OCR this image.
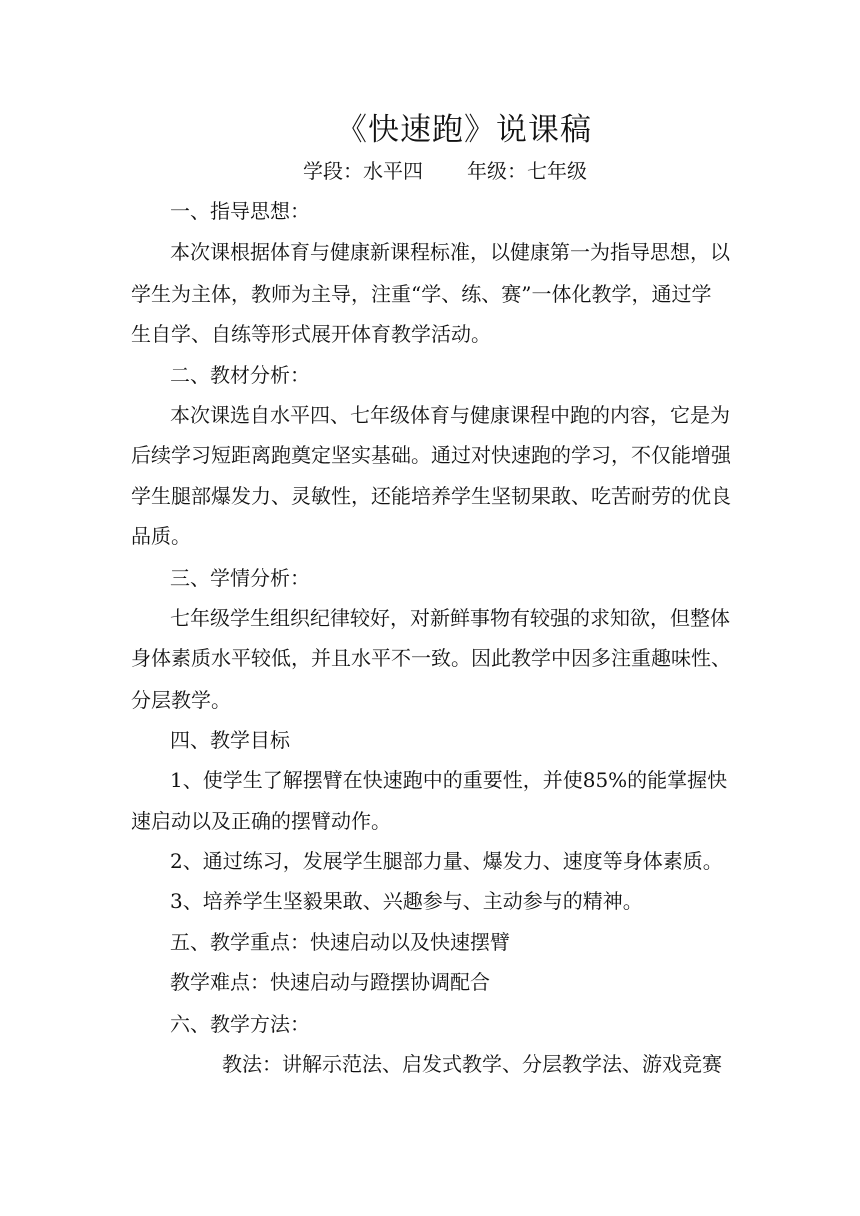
《快速跑》说课稿
学段：水平四 年级：七年级
一、指导思想：
本次课根据体育与健康新课程标准，以健康第一为指导思想，以
学生为主体，教师为主导，注重“学、练、赛”一体化教学，通过学
生自学、自练等形式展开体育教学活动。
二、教材分析：
本次课选自水平四、七年级体育与健康课程中跑的内容，它是为
后续学习短距离跑奠定坚实基础。通过对快速跑的学习，不仅能增强
学生腿部爆发力、灵敏性，还能培养学生坚韧果敢、吃苦耐劳的优良
品质。
三、学情分析：
七年级学生组织纪律较好，对新鲜事物有较强的求知欲，但整体
身体素质水平较低，并且水平不一致。因此教学中因多注重趣味性、
分层教学。
四、教学目标
1、使学生了解摆臂在快速跑中的重要性，并使85%的能掌握快
速启动以及正确的摆臂动作。
2、通过练习，发展学生腿部力量、爆发力、速度等身体素质。
3、培养学生坚毅果敢、兴趣参与、主动参与的精神。
五、教学重点：快速启动以及快速摆臂
教学难点：快速启动与蹬摆协调配合
六、教学方法：
教法：讲解示范法、启发式教学、分层教学法、游戏竞赛
